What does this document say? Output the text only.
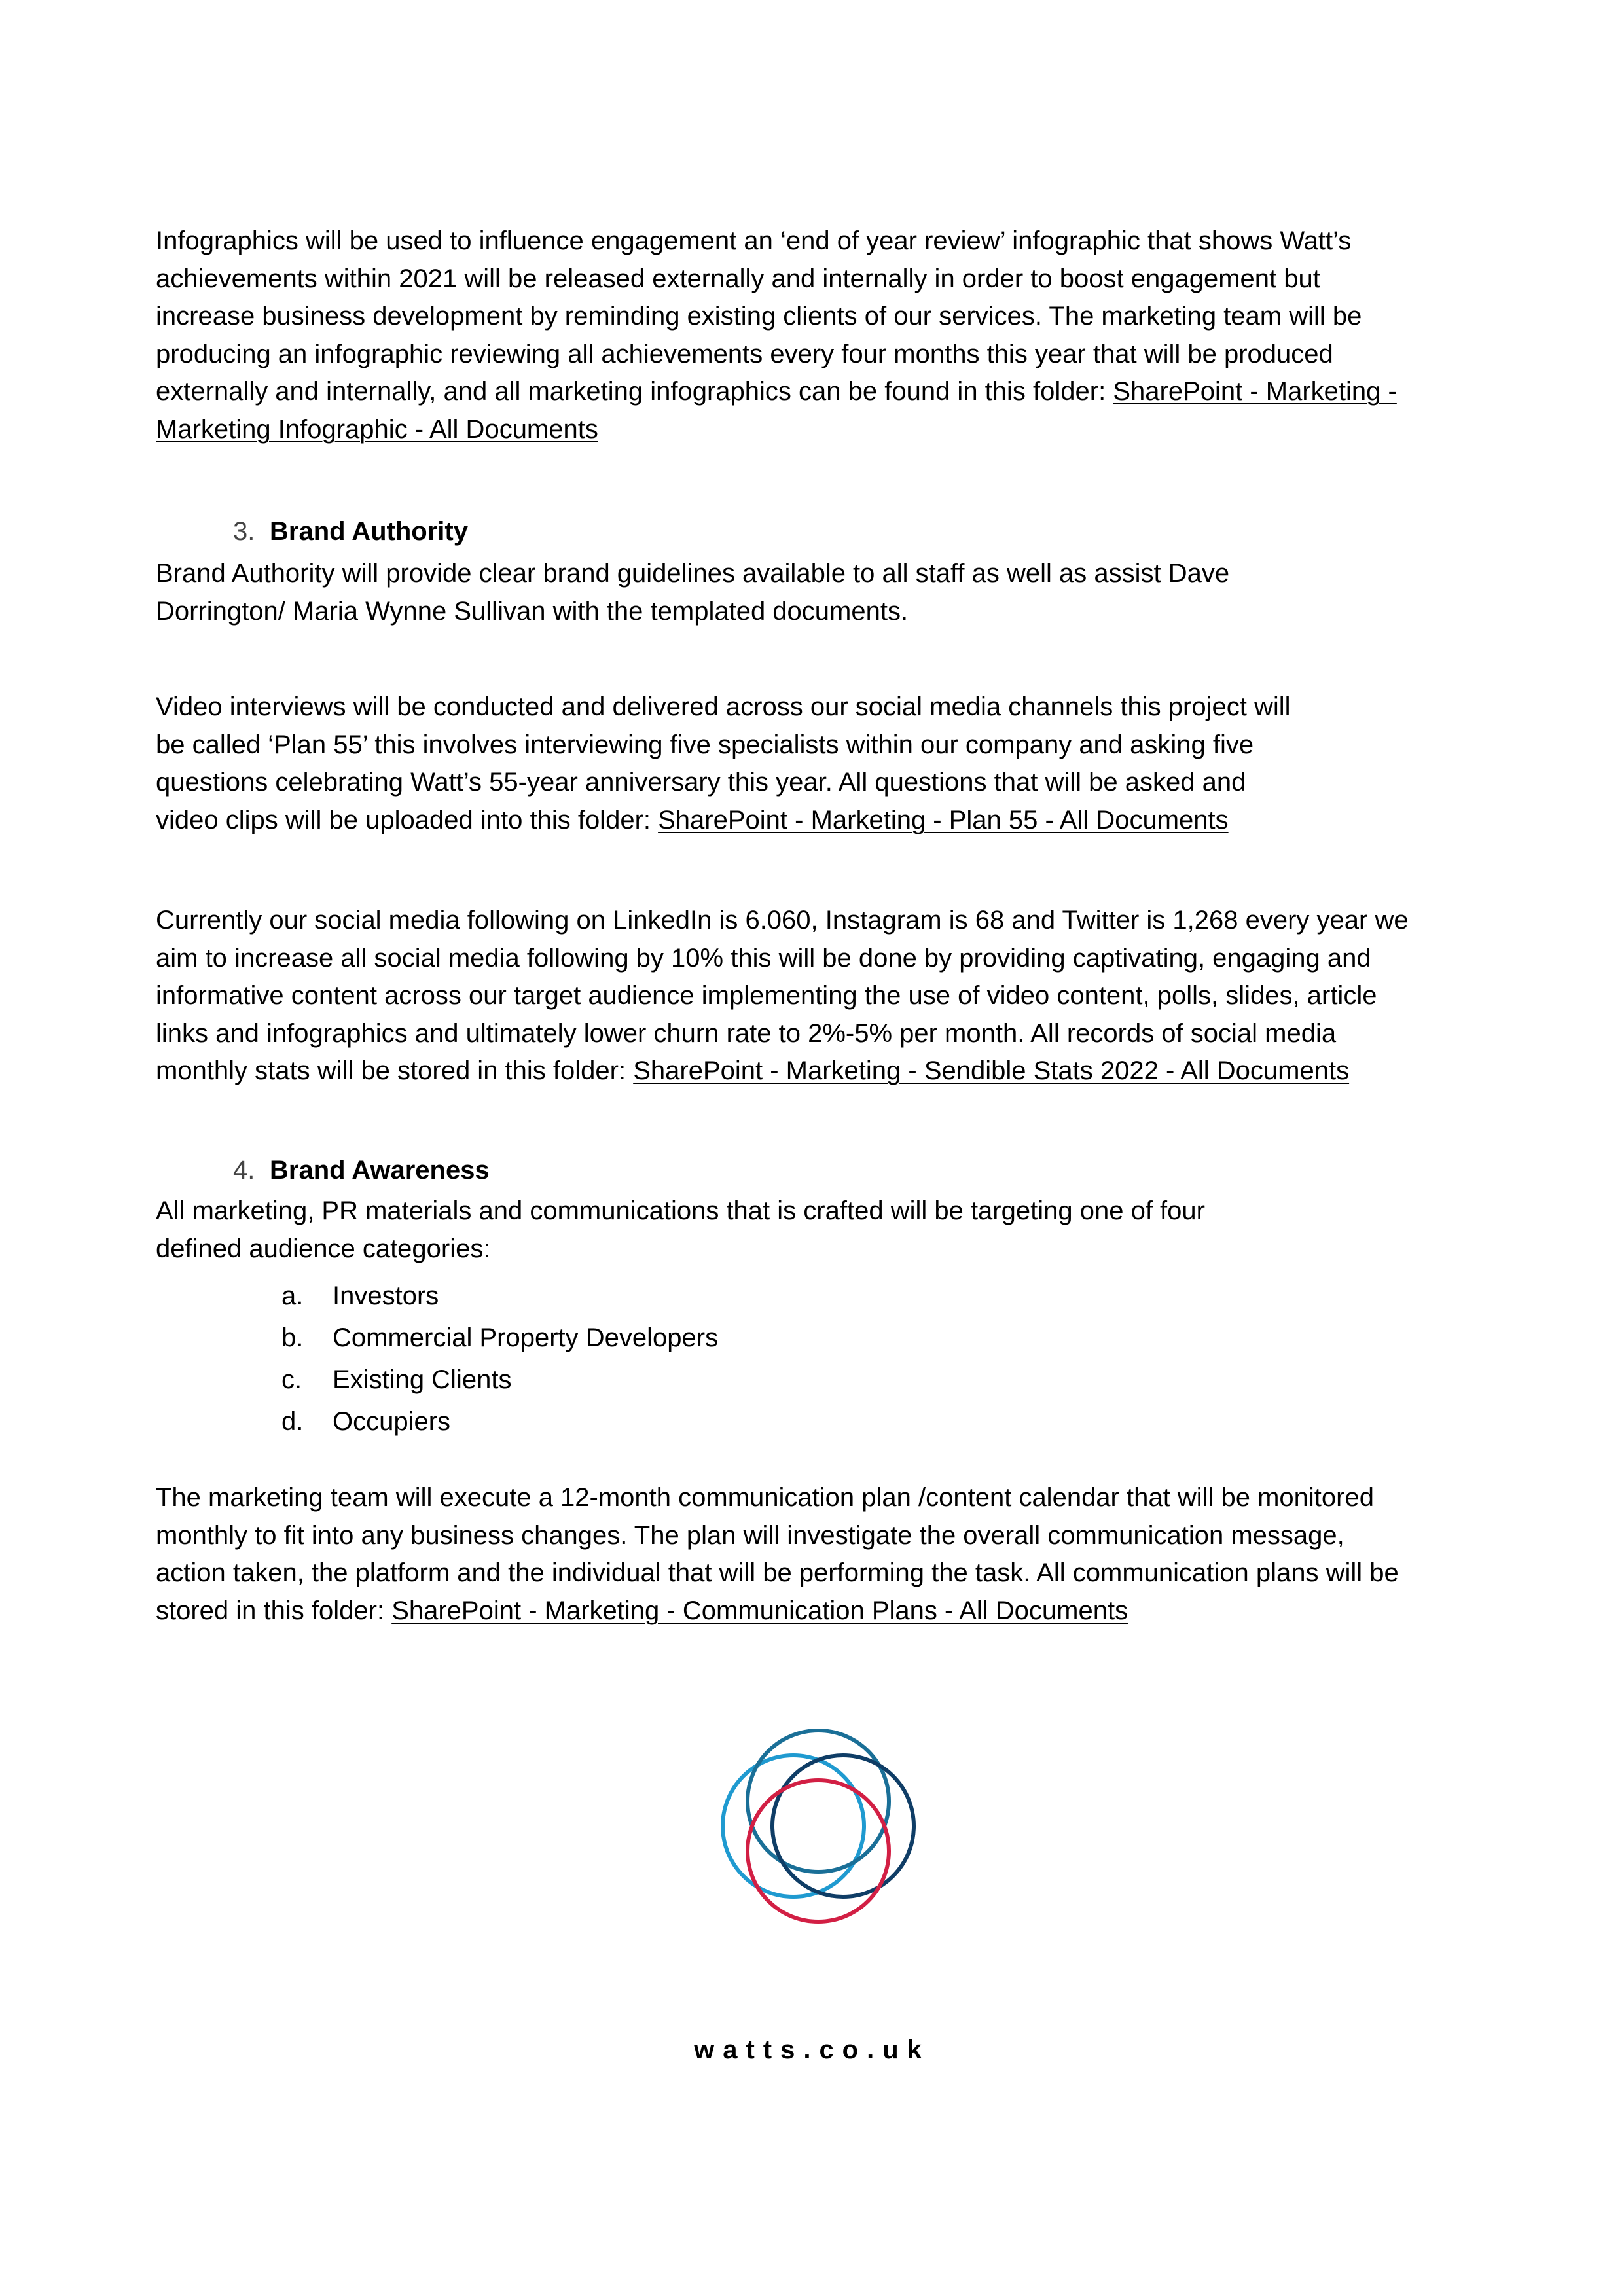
Infographics will be used to influence engagement an ‘end of year review’ infographic that shows Watt’s
achievements within 2021 will be released externally and internally in order to boost engagement but
increase business development by reminding existing clients of our services. The marketing team will be
producing an infographic reviewing all achievements every four months this year that will be produced
externally and internally, and all marketing infographics can be found in this folder: SharePoint - Marketing -
Marketing Infographic - All Documents

3. Brand Authority

Brand Authority will provide clear brand guidelines available to all staff as well as assist Dave
Dorrington/ Maria Wynne Sullivan with the templated documents.

Video interviews will be conducted and delivered across our social media channels this project will
be called ‘Plan 55’ this involves interviewing five specialists within our company and asking five
questions celebrating Watt’s 55-year anniversary this year. All questions that will be asked and
video clips will be uploaded into this folder: SharePoint - Marketing - Plan 55 - All Documents

Currently our social media following on LinkedIn is 6.060, Instagram is 68 and Twitter is 1,268 every year we
aim to increase all social media following by 10% this will be done by providing captivating, engaging and
informative content across our target audience implementing the use of video content, polls, slides, article
links and infographics and ultimately lower churn rate to 2%-5% per month. All records of social media
monthly stats will be stored in this folder: SharePoint - Marketing - Sendible Stats 2022 - All Documents

4. Brand Awareness

All marketing, PR materials and communications that is crafted will be targeting one of four
defined audience categories:

a. Investors
b. Commercial Property Developers
c. Existing Clients
d. Occupiers

The marketing team will execute a 12-month communication plan /content calendar that will be monitored
monthly to fit into any business changes. The plan will investigate the overall communication message,
action taken, the platform and the individual that will be performing the task. All communication plans will be
stored in this folder: SharePoint - Marketing - Communication Plans - All Documents

watts.co.uk
